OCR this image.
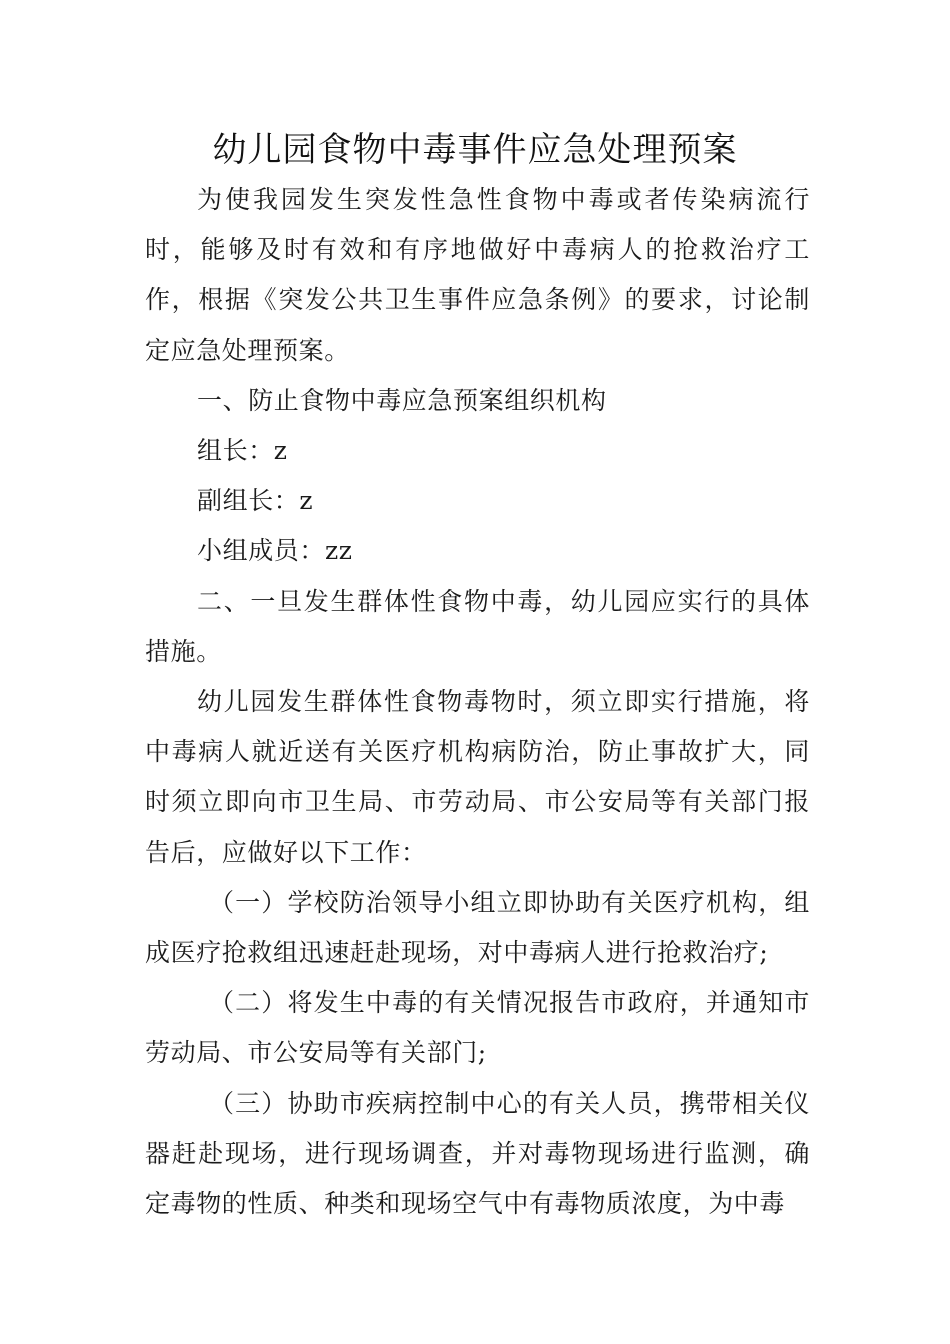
幼儿园食物中毒事件应急处理预案

为使我园发生突发性急性食物中毒或者传染病流行时，能够及时有效和有序地做好中毒病人的抢救治疗工作，根据《突发公共卫生事件应急条例》的要求，讨论制定应急处理预案。

一、防止食物中毒应急预案组织机构

组长：z

副组长：z

小组成员：zz

二、一旦发生群体性食物中毒，幼儿园应实行的具体措施。

幼儿园发生群体性食物毒物时，须立即实行措施，将中毒病人就近送有关医疗机构病防治，防止事故扩大，同时须立即向市卫生局、市劳动局、市公安局等有关部门报告后，应做好以下工作：

（一）学校防治领导小组立即协助有关医疗机构，组成医疗抢救组迅速赶赴现场，对中毒病人进行抢救治疗;

（二）将发生中毒的有关情况报告市政府，并通知市劳动局、市公安局等有关部门;

（三）协助市疾病控制中心的有关人员，携带相关仪器赶赴现场，进行现场调查，并对毒物现场进行监测，确定毒物的性质、种类和现场空气中有毒物质浓度，为中毒
